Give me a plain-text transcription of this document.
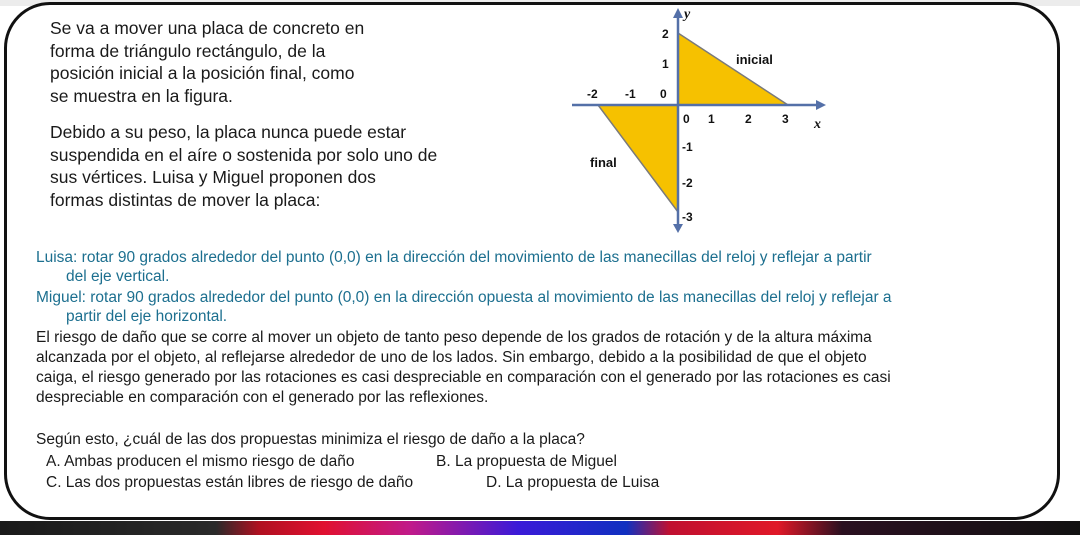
Se va a mover una placa de concreto en

forma de triángulo rectángulo, de la

posición inicial a la posición final, como

se muestra en la figura.

Debido a su peso, la placa nunca puede estar

suspendida en el aíre o sostenida por solo uno de

sus vértices. Luisa y Miguel proponen dos

formas distintas de mover la placa:

y
x
2
1
-2 -1 0
0 1	2	3
-1
-2
-3
inicial
final
Luisa: rotar 90 grados alrededor del punto (0,0) en la dirección del movimiento de las manecillas del reloj y reflejar a partir
del eje vertical.
Miguel: rotar 90 grados alrededor del punto (0,0) en la dirección opuesta al movimiento de las manecillas del reloj y reflejar a
partir del eje horizontal.
El riesgo de daño que se corre al mover un objeto de tanto peso depende de los grados de rotación y de la altura máxima
alcanzada por el objeto, al reflejarse alrededor de uno de los lados. Sin embargo, debido a la posibilidad de que el objeto
caiga, el riesgo generado por las rotaciones es casi despreciable en comparación con el generado por las rotaciones es casi
despreciable en comparación con el generado por las reflexiones.
Según esto, ¿cuál de las dos propuestas minimiza el riesgo de daño a la placa?
A. Ambas producen el mismo riesgo de daño	B. La propuesta de Miguel
C. Las dos propuestas están libres de riesgo de daño	D. La propuesta de Luisa
